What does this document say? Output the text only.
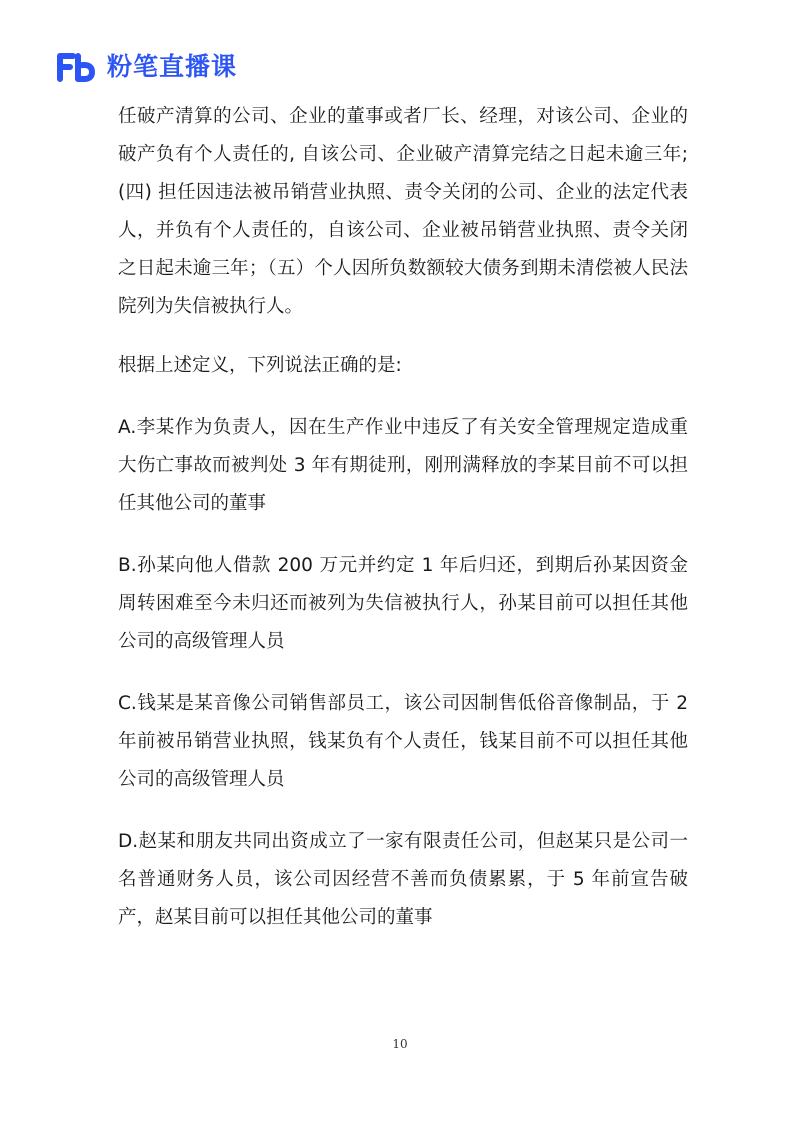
粉笔直播课

任破产清算的公司、企业的董事或者厂长、经理，对该公司、企业的破产负有个人责任的, 自该公司、企业破产清算完结之日起未逾三年; (四) 担任因违法被吊销营业执照、责令关闭的公司、企业的法定代表人，并负有个人责任的，自该公司、企业被吊销营业执照、责令关闭之日起未逾三年；（五）个人因所负数额较大债务到期未清偿被人民法院列为失信被执行人。

根据上述定义，下列说法正确的是:

A.李某作为负责人，因在生产作业中违反了有关安全管理规定造成重大伤亡事故而被判处 3 年有期徒刑，刚刑满释放的李某目前不可以担任其他公司的董事

B.孙某向他人借款 200 万元并约定 1 年后归还，到期后孙某因资金周转困难至今未归还而被列为失信被执行人，孙某目前可以担任其他公司的高级管理人员

C.钱某是某音像公司销售部员工，该公司因制售低俗音像制品，于 2 年前被吊销营业执照，钱某负有个人责任，钱某目前不可以担任其他公司的高级管理人员

D.赵某和朋友共同出资成立了一家有限责任公司，但赵某只是公司一名普通财务人员，该公司因经营不善而负债累累，于 5 年前宣告破产，赵某目前可以担任其他公司的董事

10
